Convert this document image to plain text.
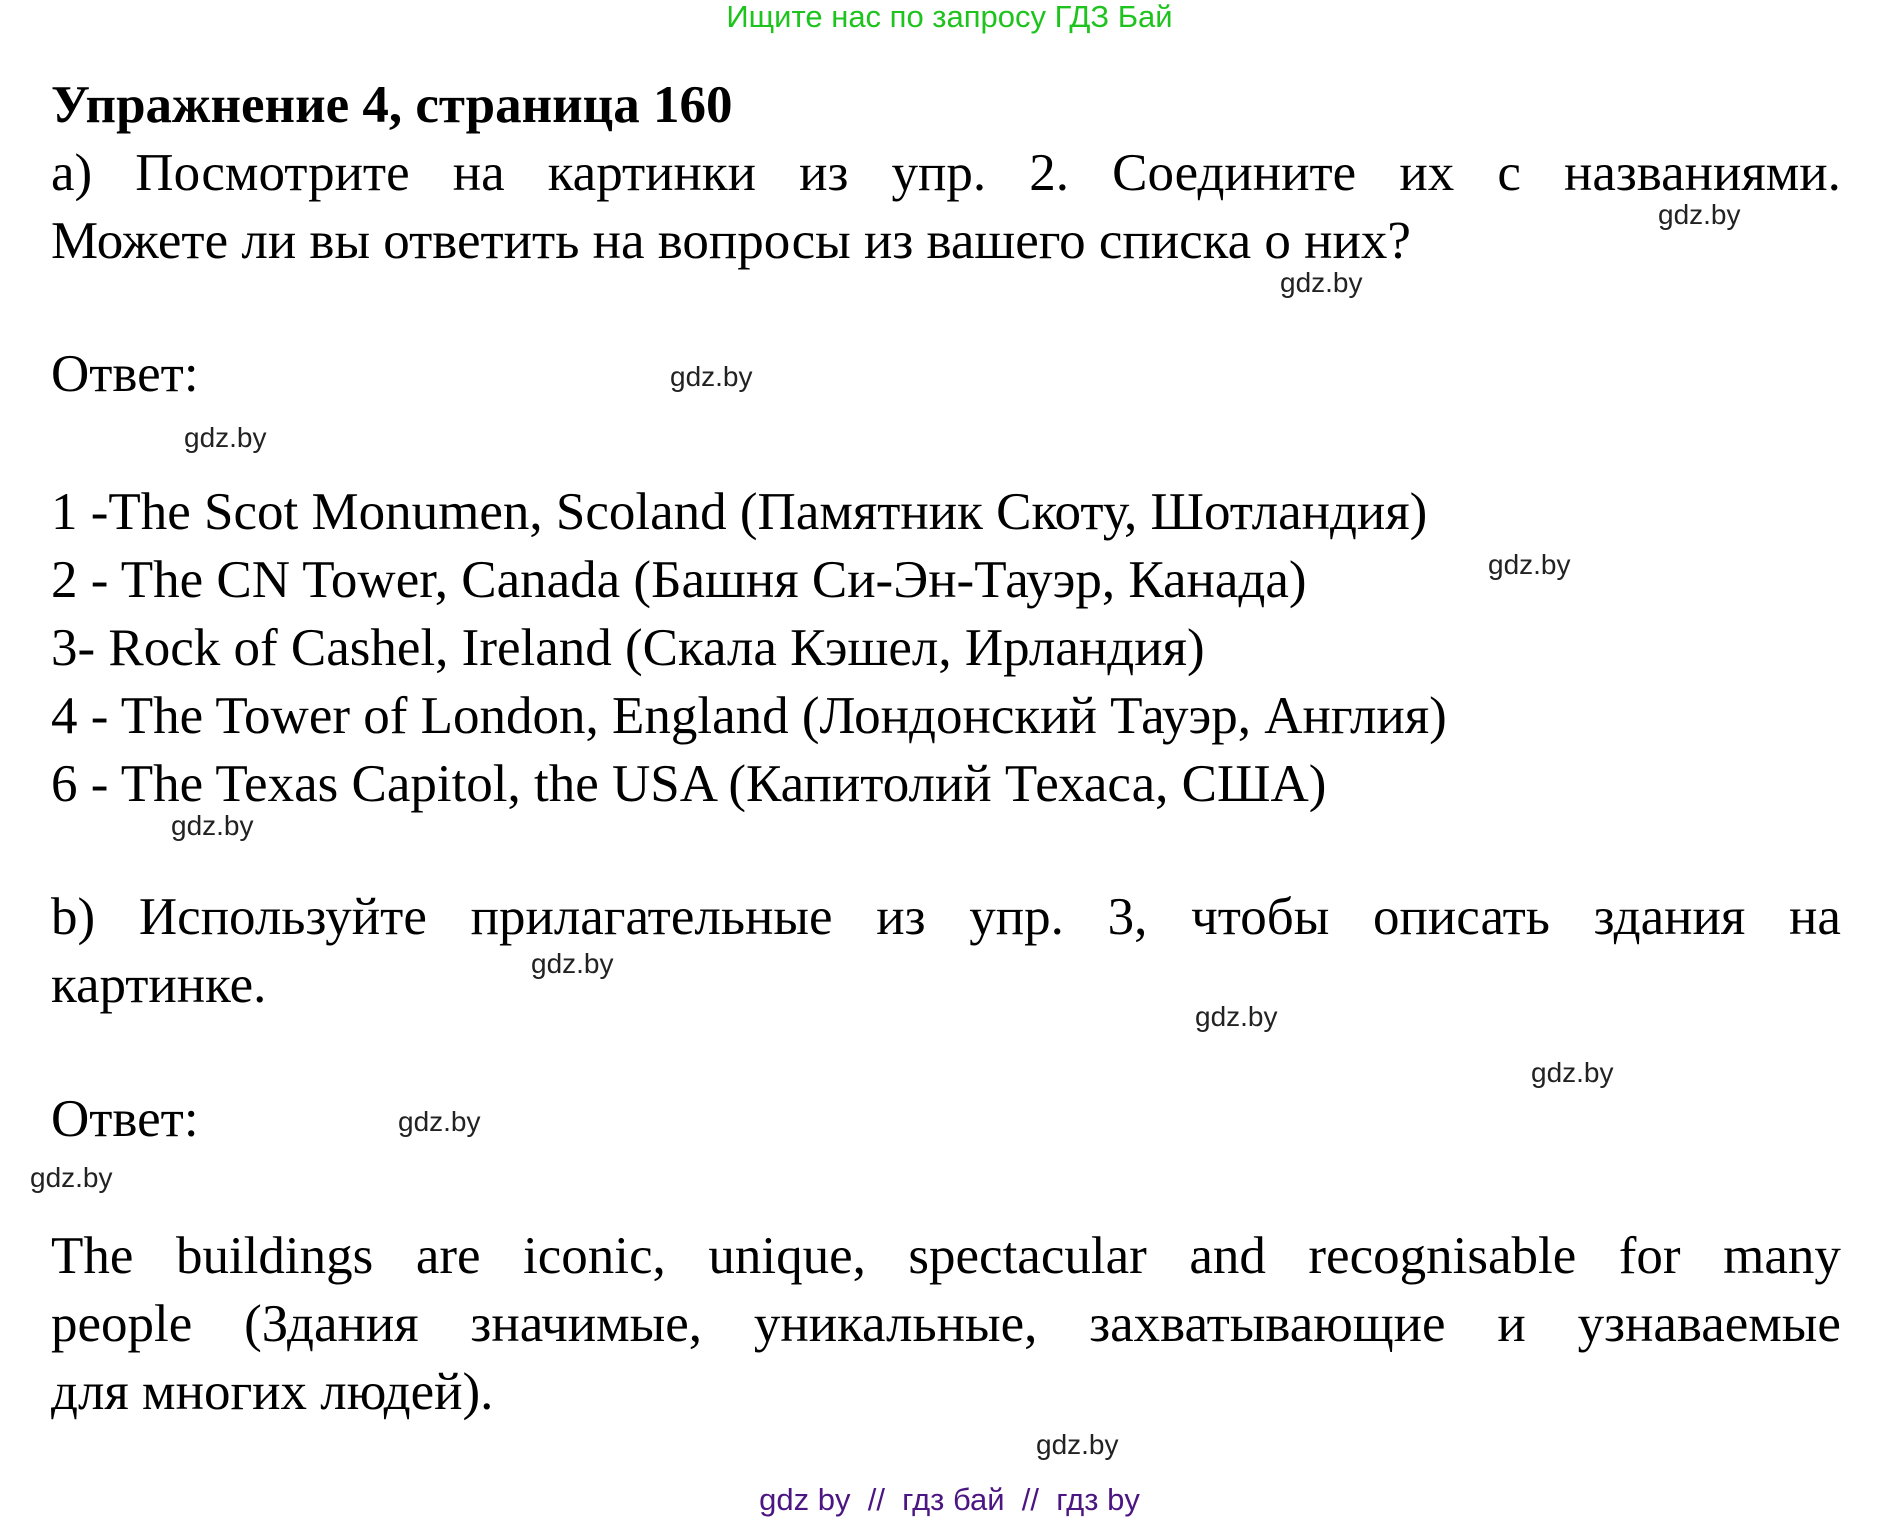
Ищите нас по запросу ГДЗ Бай
Упражнение 4, страница 160
а) Посмотрите на картинки из упр. 2. Соедините их с названиями.
Можете ли вы ответить на вопросы из вашего списка о них?
Ответ:
1 -The Scot Monumen, Scoland (Памятник Скоту, Шотландия)
2 - The CN Tower, Canada (Башня Си-Эн-Тауэр, Канада)
3- Rock of Cashel, Ireland (Скала Кэшел, Ирландия)
4 - The Tower of London, England (Лондонский Тауэр, Англия)
6 - The Texas Capitol, the USA (Капитолий Техаса, США)
b) Используйте прилагательные из упр. 3, чтобы описать здания на
картинке.
Ответ:
The buildings are iconic, unique, spectacular and recognisable for many
people (Здания значимые, уникальные, захватывающие и узнаваемые
для многих людей).
gdz.by
gdz.by
gdz.by
gdz.by
gdz.by
gdz.by
gdz.by
gdz.by
gdz.by
gdz.by
gdz.by
gdz.by
gdz by  //  гдз бай  //  гдз by
